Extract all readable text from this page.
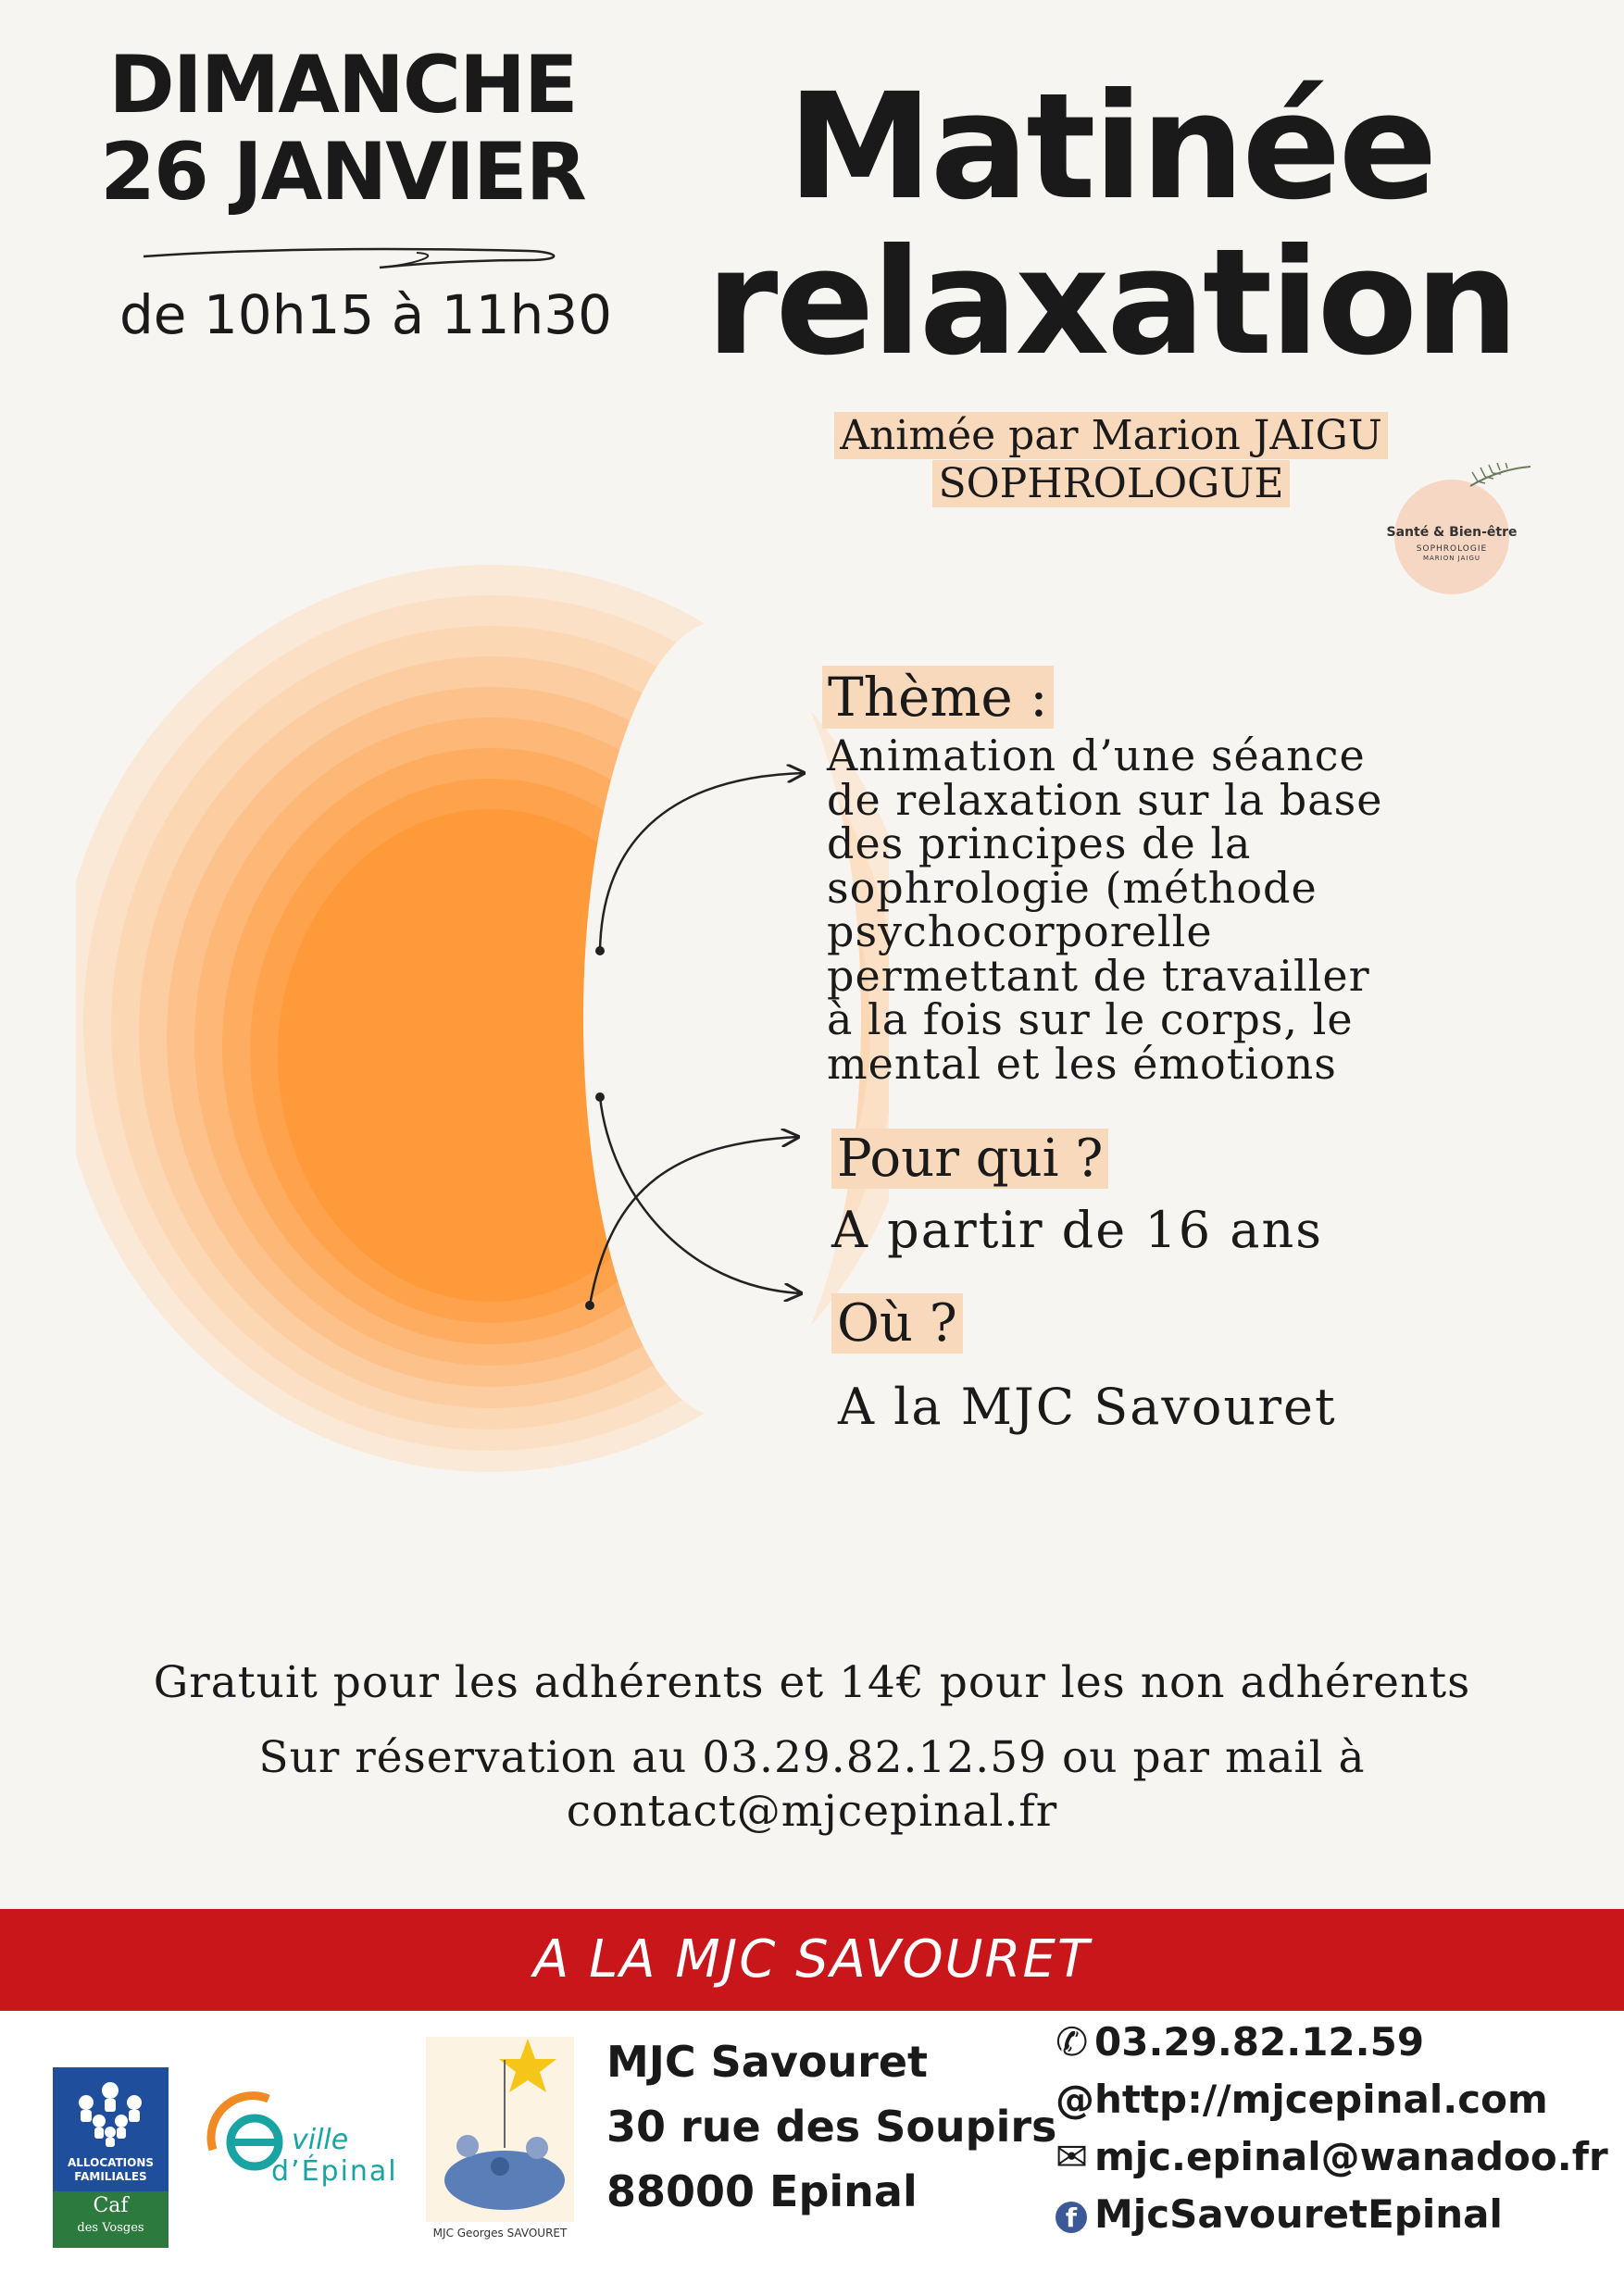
DIMANCHE
26 JANVIER
de 10h15 à 11h30
Matinée
relaxation
Animée par Marion JAIGU
SOPHROLOGUE
Santé & Bien-être
SOPHROLOGIE
MARION JAIGU
Thème :
Animation d’une séance
de relaxation sur la base
des principes de la
sophrologie (méthode
psychocorporelle
permettant de travailler
à la fois sur le corps, le
mental et les émotions
Pour qui ?
A partir de 16 ans
Où ?
A la MJC Savouret
Gratuit pour les adhérents et 14€ pour les non adhérents
Sur réservation au 03.29.82.12.59 ou par mail à
contact@mjcepinal.fr
A LA MJC SAVOURET
ALLOCATIONS
FAMILIALES
Caf
des Vosges
ville
d’Épinal
MJC Georges SAVOURET
MJC Savouret
30 rue des Soupirs
88000 Epinal
✆ 03.29.82.12.59
@http://mjcepinal.com
✉ mjc.epinal@wanadoo.fr
f MjcSavouretEpinal
